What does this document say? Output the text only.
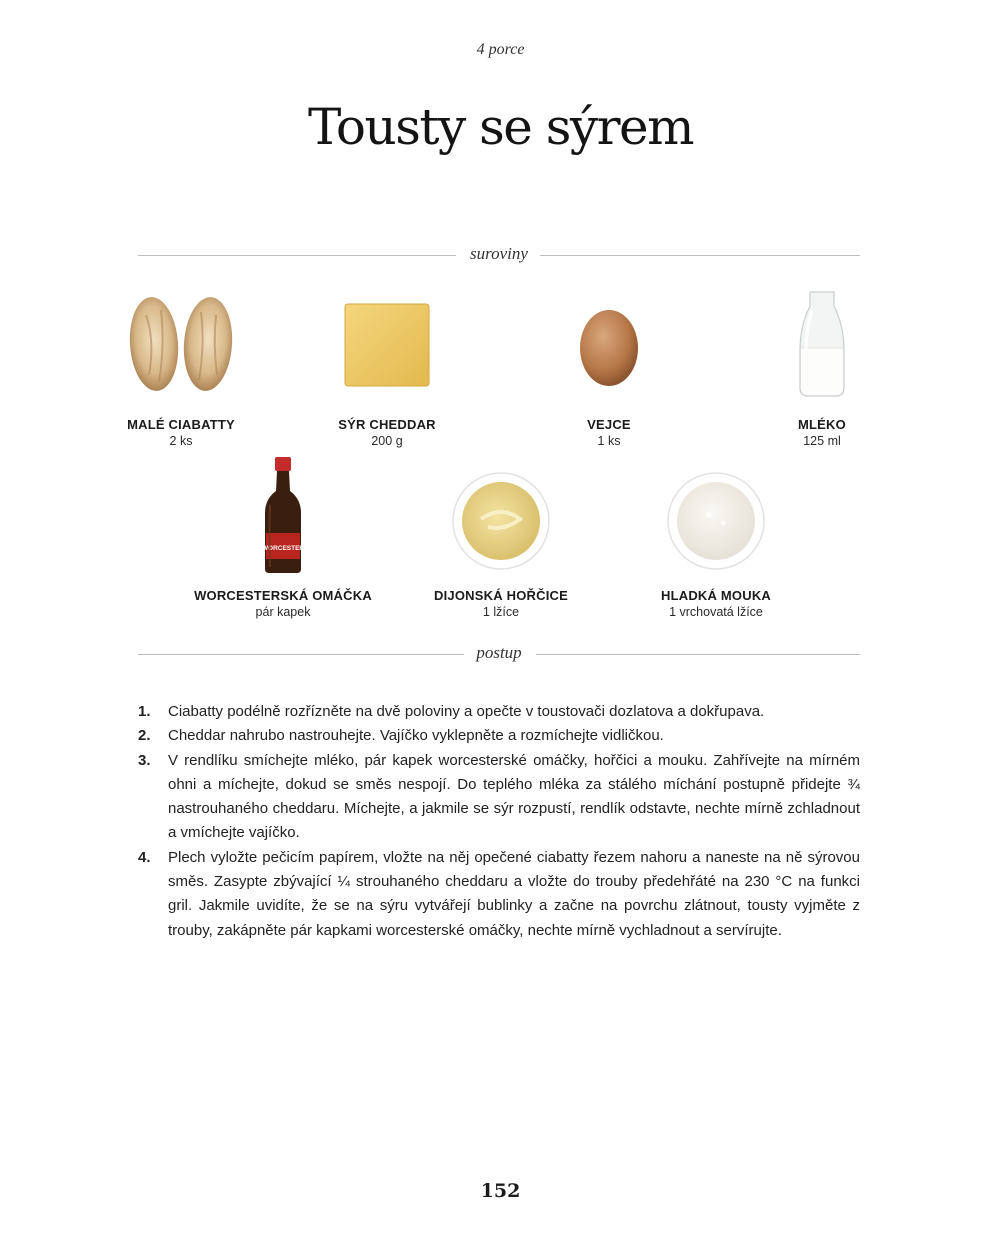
4 porce
Tousty se sýrem
suroviny
MALÉ CIABATTY
2 ks
SÝR CHEDDAR
200 g
VEJCE
1 ks
MLÉKO
125 ml
WORCESTER
WORCESTERSKÁ OMÁČKA
pár kapek
DIJONSKÁ HOŘČICE
1 lžíce
HLADKÁ MOUKA
1 vrchovatá lžíce
postup
1. Ciabatty podélně rozřízněte na dvě poloviny a opečte v toustovači dozlatova a dokřupava.
2. Cheddar nahrubo nastrouhejte. Vajíčko vyklepněte a rozmíchejte vidličkou.
3. V rendlíku smíchejte mléko, pár kapek worcesterské omáčky, hořčici a mouku. Zahřívejte na mírném ohni a míchejte, dokud se směs nespojí. Do teplého mléka za stálého míchání postupně přidejte ¾ nastrouhaného cheddaru. Míchejte, a jakmile se sýr rozpustí, rendlík odstavte, nechte mírně zchladnout a vmíchejte vajíčko.
4. Plech vyložte pečicím papírem, vložte na něj opečené ciabatty řezem nahoru a naneste na ně sýrovou směs. Zasypte zbývající ¼ strouhaného cheddaru a vložte do trouby předehřáté na 230 °C na funkci gril. Jakmile uvidíte, že se na sýru vytvářejí bublinky a začne na povrchu zlátnout, tousty vyjměte z trouby, zakápněte pár kapkami worcesterské omáčky, nechte mírně vychladnout a servírujte.
152
